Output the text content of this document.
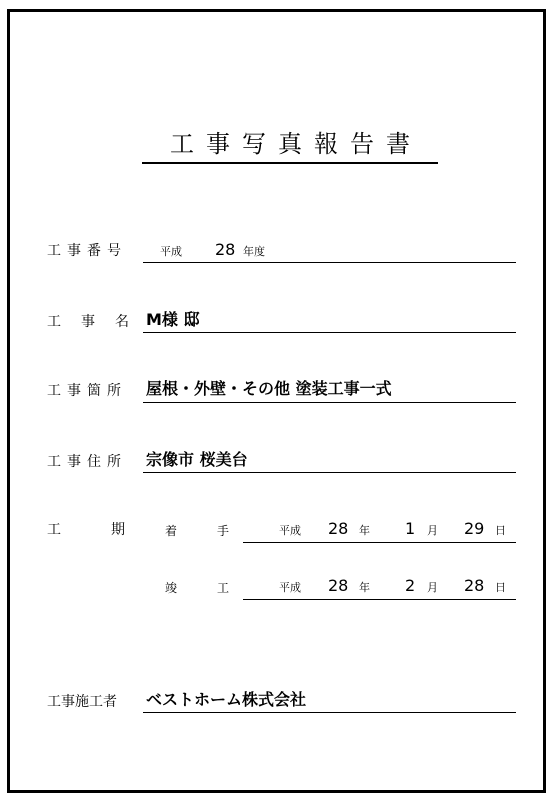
工事写真報告書
工事番号	平成 28 年度
工事名
M様 邸
工事箇所 屋根・外壁・その他 塗装工事一式
工事住所 宗像市 桜美台
工期
着手 平成 28 年 1 月 29 日
竣工 平成 28 年 2 月 28 日
工事施工者 ベストホーム株式会社
